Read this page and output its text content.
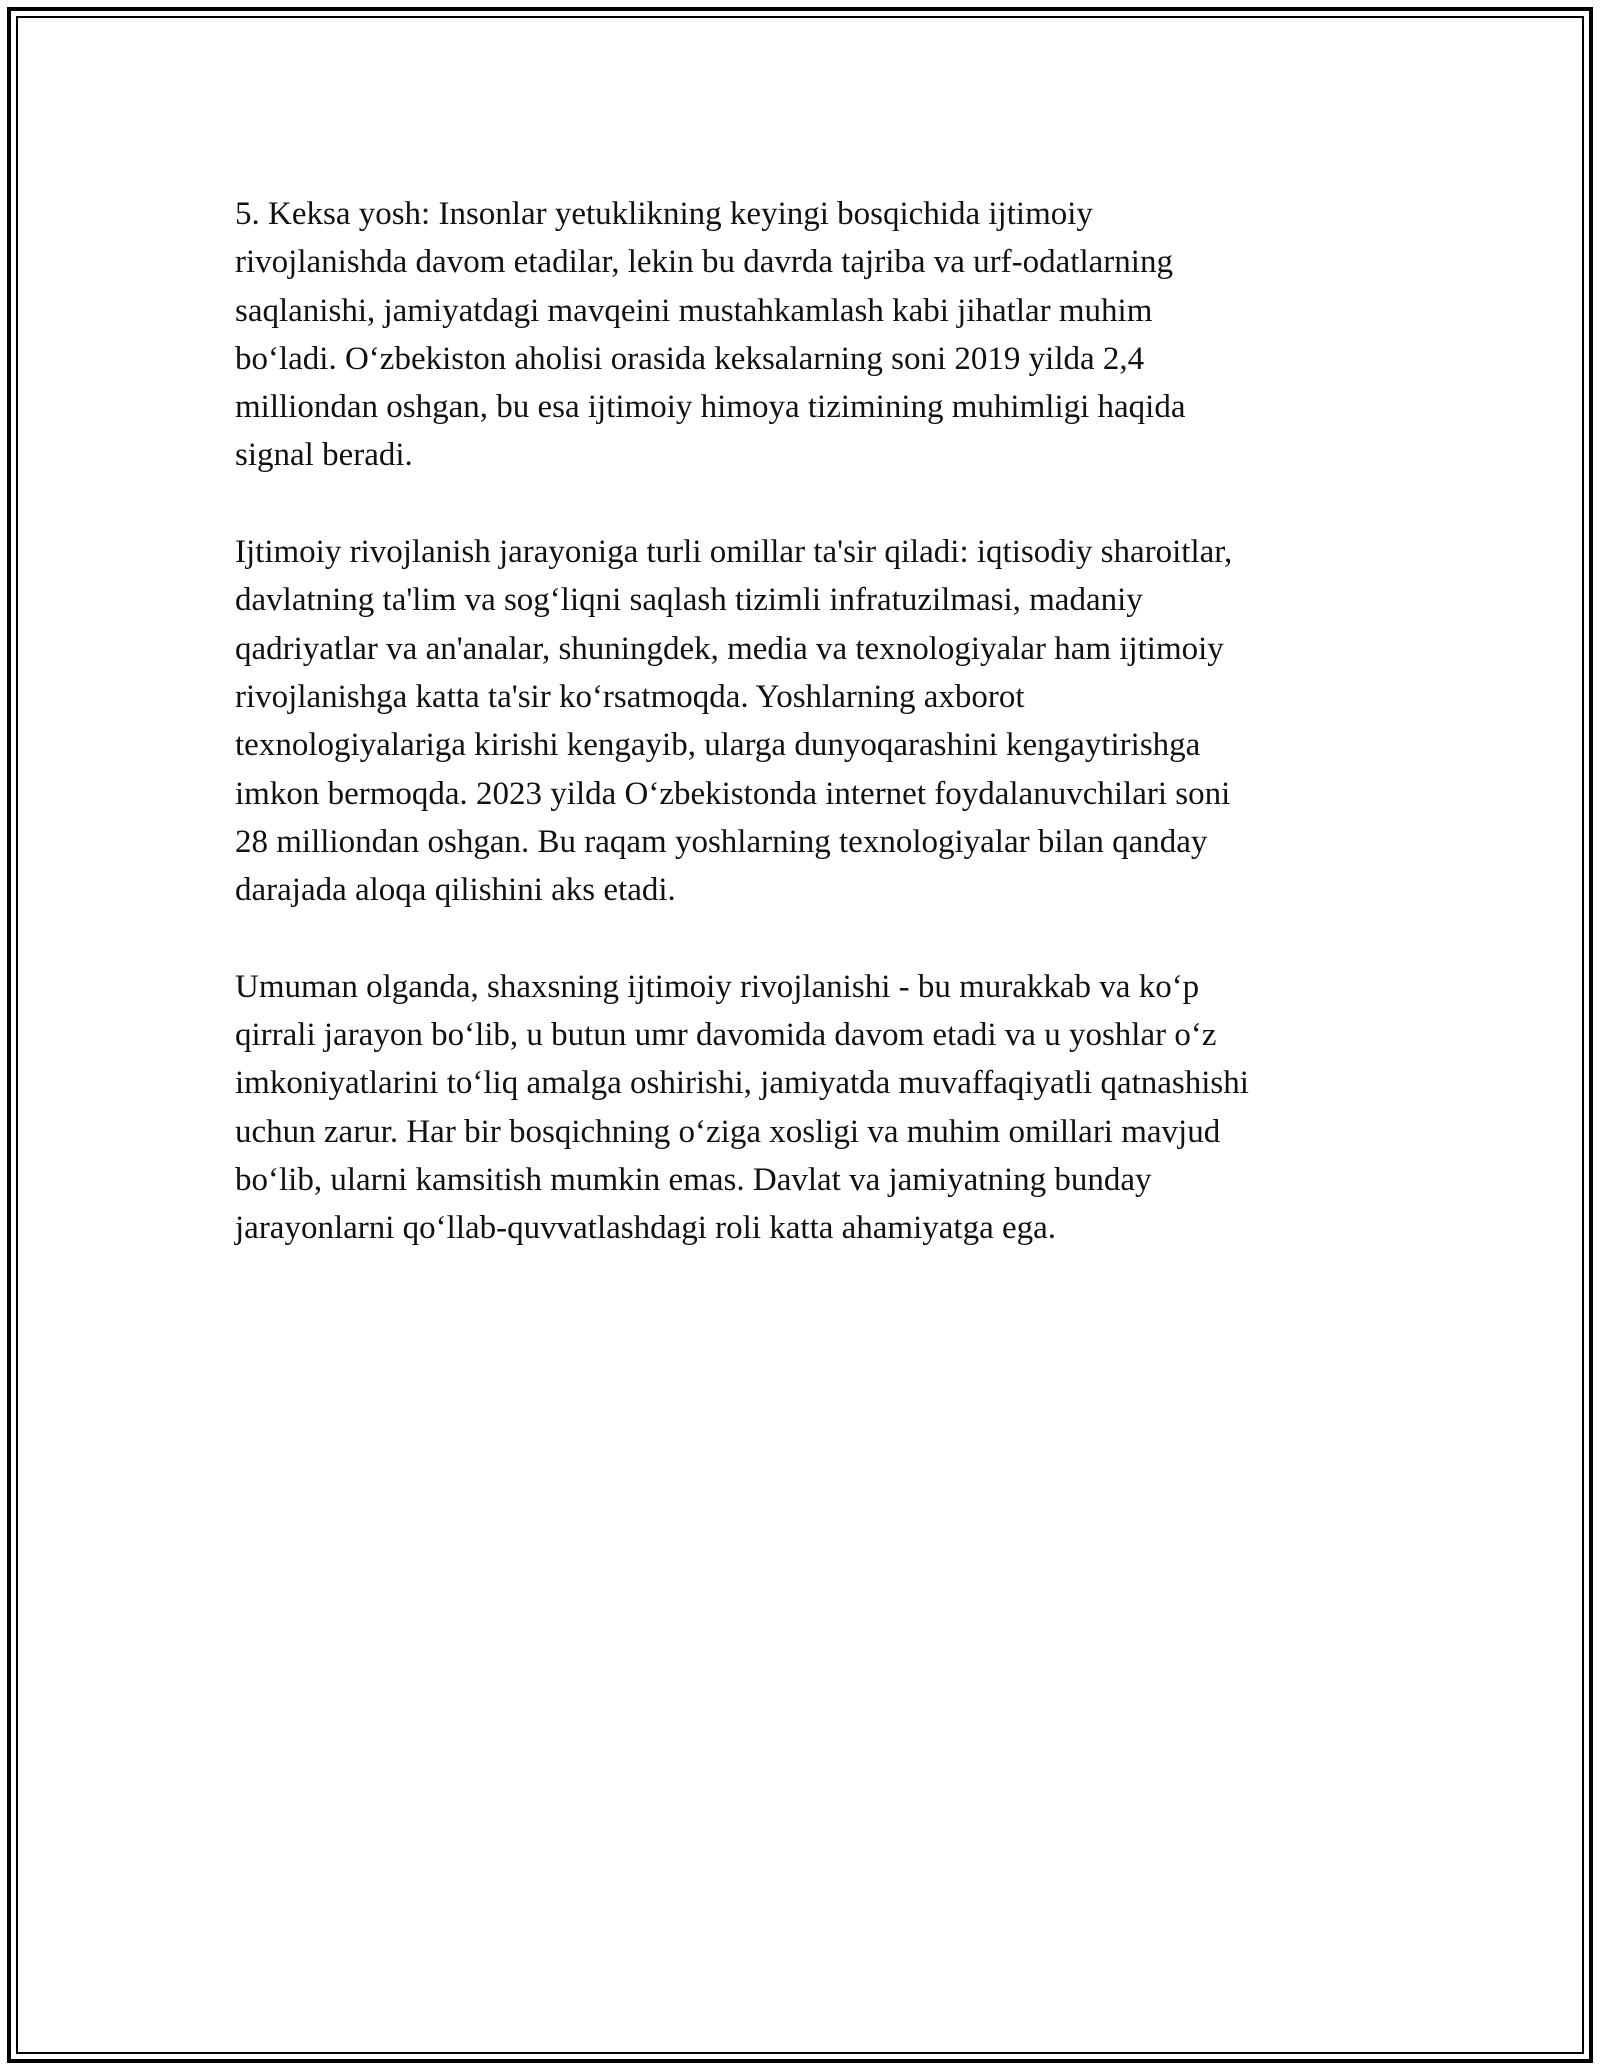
5. Keksa yosh: Insonlar yetuklikning keyingi bosqichida ijtimoiy
rivojlanishda davom etadilar, lekin bu davrda tajriba va urf-odatlarning
saqlanishi, jamiyatdagi mavqeini mustahkamlash kabi jihatlar muhim
bo‘ladi. O‘zbekiston aholisi orasida keksalarning soni 2019 yilda 2,4
milliondan oshgan, bu esa ijtimoiy himoya tizimining muhimligi haqida
signal beradi.

Ijtimoiy rivojlanish jarayoniga turli omillar ta'sir qiladi: iqtisodiy sharoitlar,
davlatning ta'lim va sog‘liqni saqlash tizimli infratuzilmasi, madaniy
qadriyatlar va an'analar, shuningdek, media va texnologiyalar ham ijtimoiy
rivojlanishga katta ta'sir ko‘rsatmoqda. Yoshlarning axborot
texnologiyalariga kirishi kengayib, ularga dunyoqarashini kengaytirishga
imkon bermoqda. 2023 yilda O‘zbekistonda internet foydalanuvchilari soni
28 milliondan oshgan. Bu raqam yoshlarning texnologiyalar bilan qanday
darajada aloqa qilishini aks etadi.

Umuman olganda, shaxsning ijtimoiy rivojlanishi - bu murakkab va ko‘p
qirrali jarayon bo‘lib, u butun umr davomida davom etadi va u yoshlar o‘z
imkoniyatlarini to‘liq amalga oshirishi, jamiyatda muvaffaqiyatli qatnashishi
uchun zarur. Har bir bosqichning o‘ziga xosligi va muhim omillari mavjud
bo‘lib, ularni kamsitish mumkin emas. Davlat va jamiyatning bunday
jarayonlarni qo‘llab-quvvatlashdagi roli katta ahamiyatga ega.
